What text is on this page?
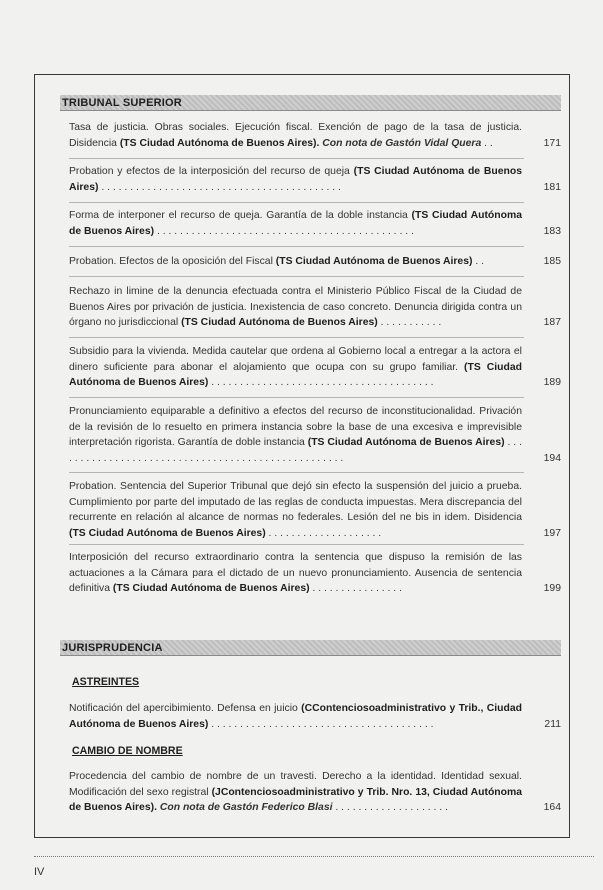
TRIBUNAL SUPERIOR
Tasa de justicia. Obras sociales. Ejecución fiscal. Exención de pago de la tasa de justicia. Disidencia (TS Ciudad Autónoma de Buenos Aires). Con nota de Gastón Vidal Quera . .	171
Probation y efectos de la interposición del recurso de queja (TS Ciudad Autónoma de Buenos Aires) . . . . . . . . . . . . . . . . . . . . . . . . . . . . . . . . . . . . . . . . . .	181
Forma de interponer el recurso de queja. Garantía de la doble instancia (TS Ciudad Autónoma de Buenos Aires) . . . . . . . . . . . . . . . . . . . . . . . . . . . . . . . . . . . . . . . . . . . . .	183
Probation. Efectos de la oposición del Fiscal (TS Ciudad Autónoma de Buenos Aires) . .	185
Rechazo in limine de la denuncia efectuada contra el Ministerio Público Fiscal de la Ciudad de Buenos Aires por privación de justicia. Inexistencia de caso concreto. Denuncia dirigida contra un órgano no jurisdiccional (TS Ciudad Autónoma de Buenos Aires) . . . . . . . . . . .	187
Subsidio para la vivienda. Medida cautelar que ordena al Gobierno local a entregar a la actora el dinero suficiente para abonar el alojamiento que ocupa con su grupo familiar. (TS Ciudad Autónoma de Buenos Aires) . . . . . . . . . . . . . . . . . . . . . . . . . . . . . . . . . . . . . . .	189
Pronunciamiento equiparable a definitivo a efectos del recurso de inconstitucionalidad. Privación de la revisión de lo resuelto en primera instancia sobre la base de una excesiva e imprevisible interpretación rigorista. Garantía de doble instancia (TS Ciudad Autónoma de Buenos Aires) . . . . . . . . . . . . . . . . . . . . . . . . . . . . . . . . . . . . . . . . . . . . . . . . . . .	194
Probation. Sentencia del Superior Tribunal que dejó sin efecto la suspensión del juicio a prueba. Cumplimiento por parte del imputado de las reglas de conducta impuestas. Mera discrepancia del recurrente en relación al alcance de normas no federales. Lesión del ne bis in idem. Disidencia (TS Ciudad Autónoma de Buenos Aires) . . . . . . . . . . . . . . . . . . . .	197
Interposición del recurso extraordinario contra la sentencia que dispuso la remisión de las actuaciones a la Cámara para el dictado de un nuevo pronunciamiento. Ausencia de sentencia definitiva (TS Ciudad Autónoma de Buenos Aires) . . . . . . . . . . . . . . . .	199
JURISPRUDENCIA
ASTREINTES
Notificación del apercibimiento. Defensa en juicio (CContenciosoadministrativo y Trib., Ciudad Autónoma de Buenos Aires) . . . . . . . . . . . . . . . . . . . . . . . . . . . . . . . . . . . . . . .	211
CAMBIO DE NOMBRE
Procedencia del cambio de nombre de un travesti. Derecho a la identidad. Identidad sexual. Modificación del sexo registral (JContenciosoadministrativo y Trib. Nro. 13, Ciudad Autónoma de Buenos Aires). Con nota de Gastón Federico Blasi . . . . . . . . . . . . . . . . . . . .	164
IV
